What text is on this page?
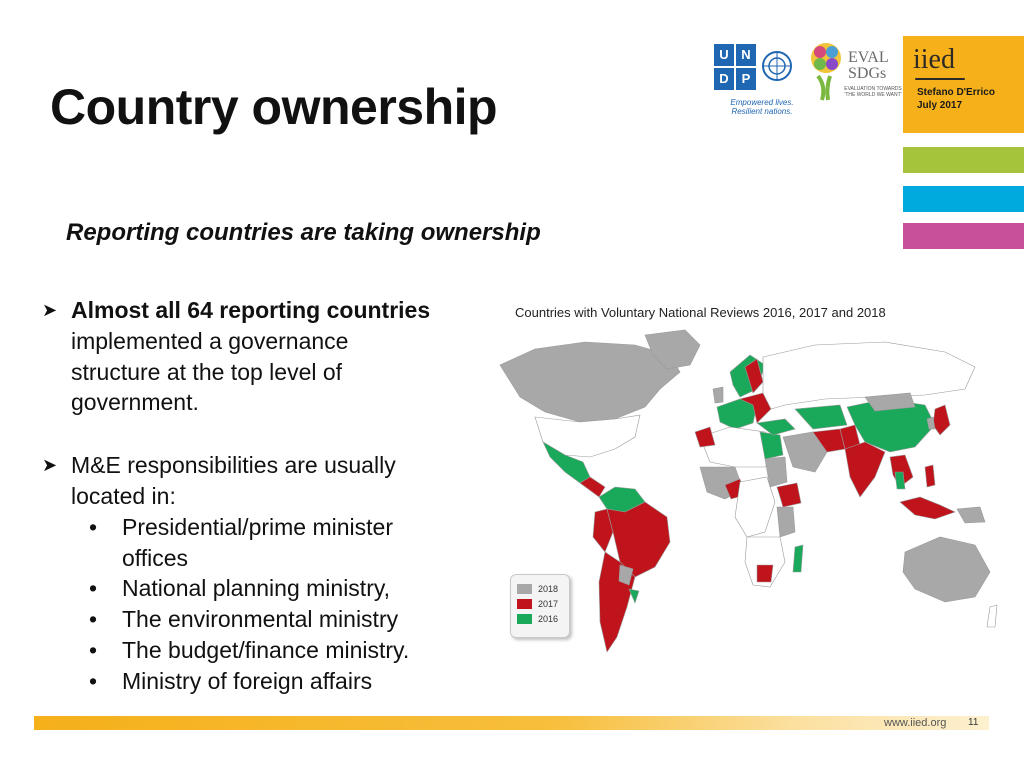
Country ownership
U N
D P
Empowered lives.
Resilient nations.
EVAL
SDGs
EVALUATION TOWARDS 'THE WORLD WE WANT'
iied
Stefano D'Errico
July 2017
Reporting countries are taking ownership
➤ Almost all 64 reporting countries
implemented a governance
structure at the top level of
government.
➤ M&E responsibilities are usually
located in:
• Presidential/prime minister
offices
• National planning ministry,
• The environmental ministry
• The budget/finance ministry.
• Ministry of foreign affairs
Countries with Voluntary National Reviews 2016, 2017 and 2018
2018
2017
2016
www.iied.org 11
